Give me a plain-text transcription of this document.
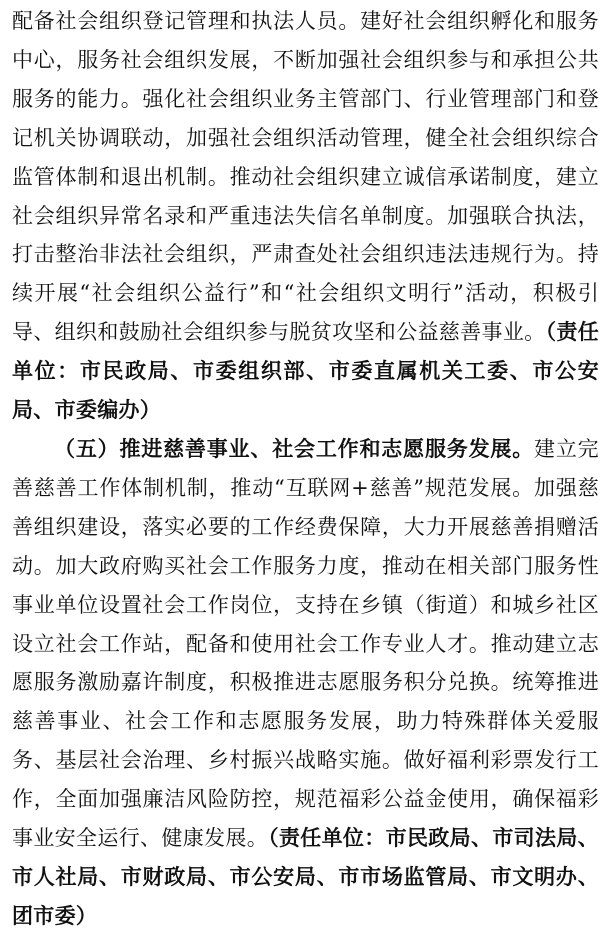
配备社会组织登记管理和执法人员。建好社会组织孵化和服务中心，服务社会组织发展，不断加强社会组织参与和承担公共服务的能力。强化社会组织业务主管部门、行业管理部门和登记机关协调联动，加强社会组织活动管理，健全社会组织综合监管体制和退出机制。推动社会组织建立诚信承诺制度，建立社会组织异常名录和严重违法失信名单制度。加强联合执法，打击整治非法社会组织，严肃查处社会组织违法违规行为。持续开展“社会组织公益行”和“社会组织文明行”活动，积极引导、组织和鼓励社会组织参与脱贫攻坚和公益慈善事业。（责任单位：市民政局、市委组织部、市委直属机关工委、市公安局、市委编办）

（五）推进慈善事业、社会工作和志愿服务发展。建立完善慈善工作体制机制，推动“互联网+慈善”规范发展。加强慈善组织建设，落实必要的工作经费保障，大力开展慈善捐赠活动。加大政府购买社会工作服务力度，推动在相关部门服务性事业单位设置社会工作岗位，支持在乡镇（街道）和城乡社区设立社会工作站，配备和使用社会工作专业人才。推动建立志愿服务激励嘉许制度，积极推进志愿服务积分兑换。统筹推进慈善事业、社会工作和志愿服务发展，助力特殊群体关爱服务、基层社会治理、乡村振兴战略实施。做好福利彩票发行工作，全面加强廉洁风险防控，规范福彩公益金使用，确保福彩事业安全运行、健康发展。（责任单位：市民政局、市司法局、市人社局、市财政局、市公安局、市市场监管局、市文明办、团市委）
